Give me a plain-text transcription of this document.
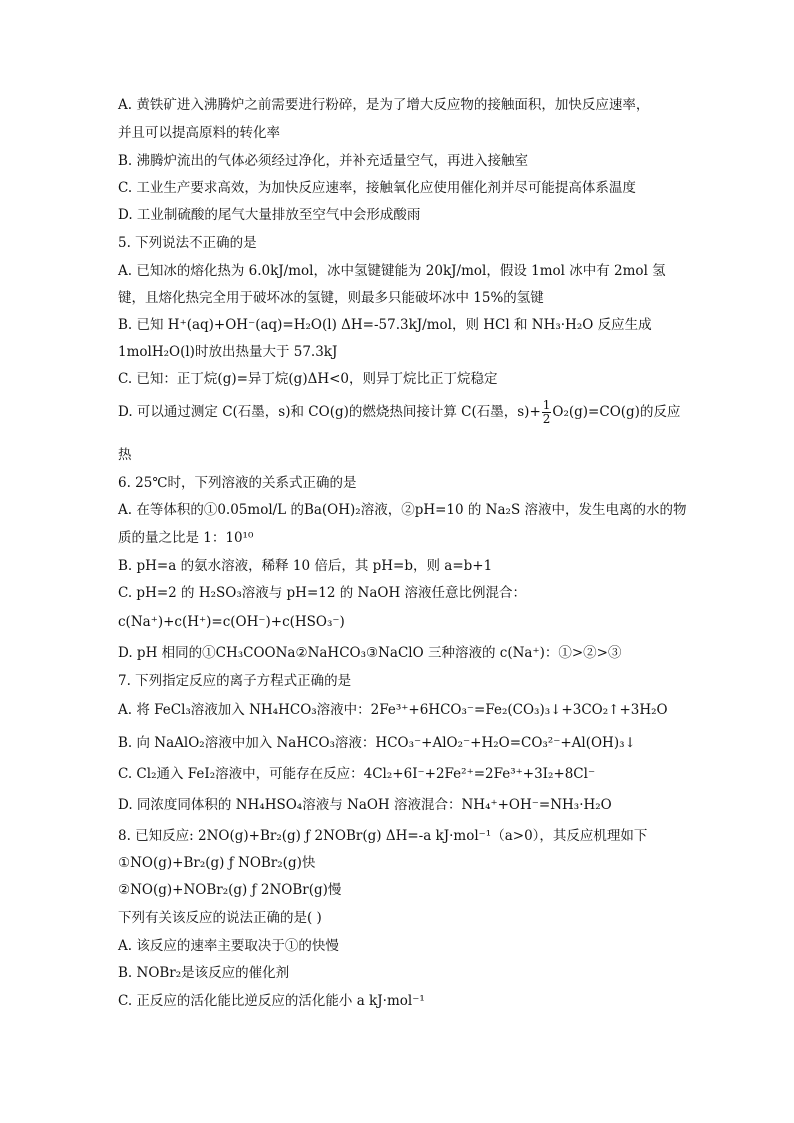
A. 黄铁矿进入沸腾炉之前需要进行粉碎，是为了增大反应物的接触面积，加快反应速率，
并且可以提高原料的转化率
B. 沸腾炉流出的气体必须经过净化，并补充适量空气，再进入接触室
C. 工业生产要求高效，为加快反应速率，接触氧化应使用催化剂并尽可能提高体系温度
D. 工业制硫酸的尾气大量排放至空气中会形成酸雨
5. 下列说法不正确的是
A. 已知冰的熔化热为 6.0kJ/mol，冰中氢键键能为 20kJ/mol，假设 1mol 冰中有 2mol 氢
键，且熔化热完全用于破坏冰的氢键，则最多只能破坏冰中 15%的氢键
B. 已知 H⁺(aq)+OH⁻(aq)=H₂O(l) ΔH=-57.3kJ/mol，则 HCl 和 NH₃·H₂O 反应生成
1molH₂O(l)时放出热量大于 57.3kJ
C. 已知：正丁烷(g)=异丁烷(g)ΔH<0，则异丁烷比正丁烷稳定
D. 可以通过测定 C(石墨，s)和 CO(g)的燃烧热间接计算 C(石墨，$s)+ \frac{1}{2} O_2(g)=CO(g)$的反应
热
6. 25℃时，下列溶液的关系式正确的是
A. 在等体积的①0.05mol/L 的Ba(OH)₂溶液，②pH=10 的 Na₂S 溶液中，发生电离的水的物
质的量之比是 1：10¹⁰
B. pH=a 的氨水溶液，稀释 10 倍后，其 pH=b，则 a=b+1
C. pH=2 的 H₂SO₃溶液与 pH=12 的 NaOH 溶液任意比例混合：
c(Na⁺)+c(H⁺)=c(OH⁻)+c(HSO₃⁻)
D. pH 相同的①CH₃COONa②NaHCO₃③NaClO 三种溶液的 c(Na⁺)：①>②>③
7. 下列指定反应的离子方程式正确的是
A. 将 FeCl₃溶液加入 NH₄HCO₃溶液中：2Fe³⁺+6HCO₃⁻=Fe₂(CO₃)₃↓+3CO₂↑+3H₂O
B. 向 NaAlO₂溶液中加入 NaHCO₃溶液：HCO₃⁻+AlO₂⁻+H₂O=CO₃²⁻+Al(OH)₃↓
C. Cl₂通入 FeI₂溶液中，可能存在反应：4Cl₂+6I⁻+2Fe²⁺=2Fe³⁺+3I₂+8Cl⁻
D. 同浓度同体积的 NH₄HSO₄溶液与 NaOH 溶液混合：NH₄⁺+OH⁻=NH₃·H₂O
8. 已知反应: 2NO(g)+Br₂(g) ƒ 2NOBr(g) ΔH=-a kJ·mol⁻¹（a>0），其反应机理如下
①NO(g)+Br₂(g) ƒ NOBr₂(g)快
②NO(g)+NOBr₂(g) ƒ 2NOBr(g)慢
下列有关该反应的说法正确的是( )
A. 该反应的速率主要取决于①的快慢
B. NOBr₂是该反应的催化剂
C. 正反应的活化能比逆反应的活化能小 a kJ·mol⁻¹
